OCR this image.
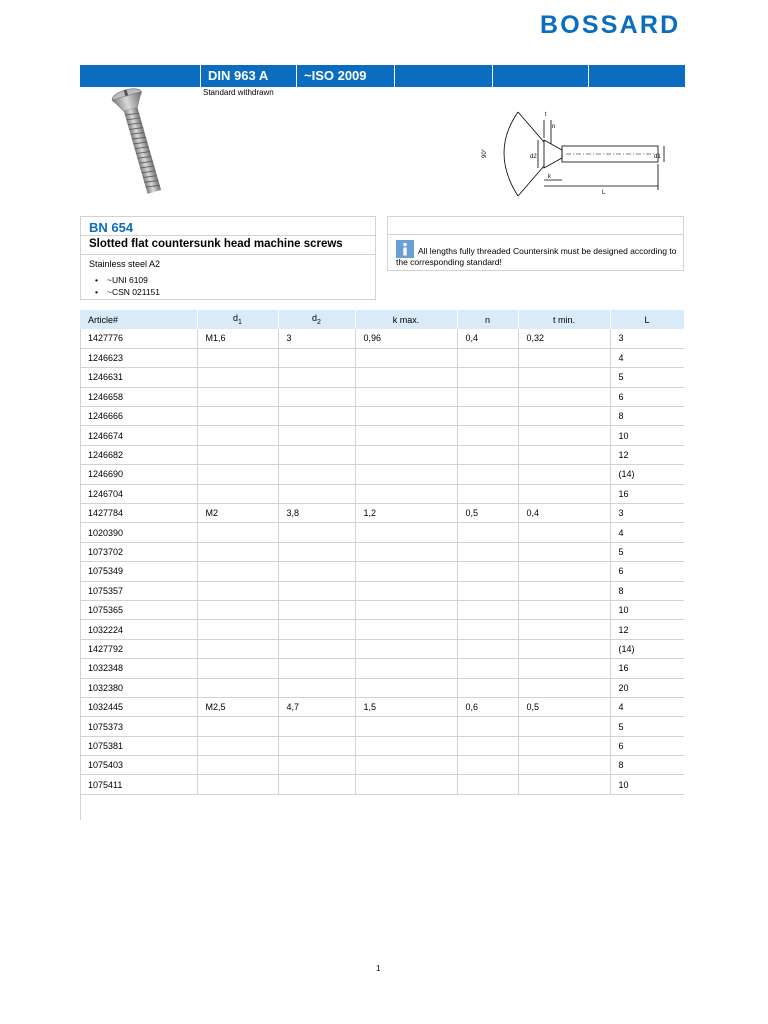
BOSSARD
DIN 963 A	~ISO 2009
Standard withdrawn
90°
t
n
d2
k
L
d1
BN 654
Slotted flat countersunk head machine screws
Stainless steel A2
• ~UNI 6109
• ~CSN 021151
All lengths fully threaded Countersink must be designed according to the corresponding standard!
Article#	$d_1$	$d_2$	k max.	n	t min.	L
1427776	M1,6	3	0,96	0,4	0,32	3
1246623						4
1246631						5
1246658						6
1246666						8
1246674						10
1246682						12
1246690						(14)
1246704						16
1427784	M2	3,8	1,2	0,5	0,4	3
1020390						4
1073702						5
1075349						6
1075357						8
1075365						10
1032224						12
1427792						(14)
1032348						16
1032380						20
1032445	M2,5	4,7	1,5	0,6	0,5	4
1075373						5
1075381						6
1075403						8
1075411						10
1
